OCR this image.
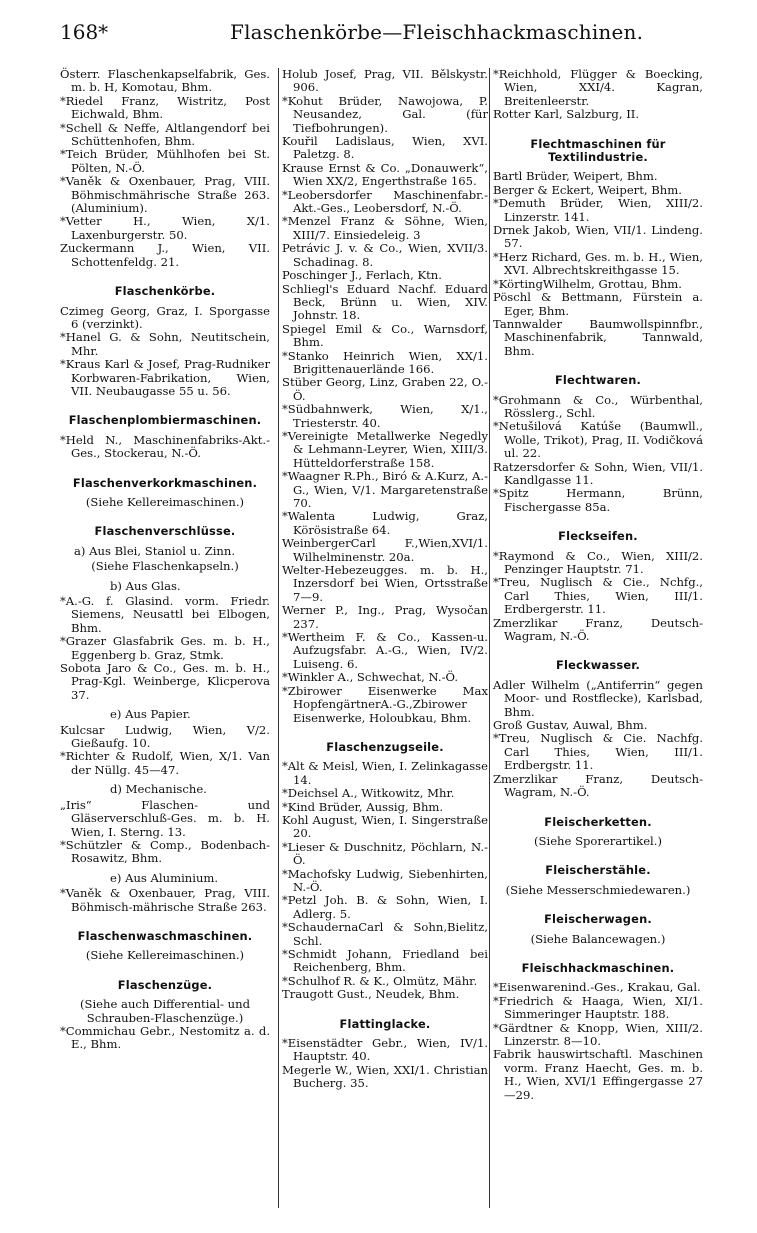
168*	Flaschenkörbe—Fleischhackmaschinen.

Österr. Flaschenkapselfabrik, Ges. m. b. H, Komotau, Bhm.

*Riedel Franz, Wistritz, Post Eichwald, Bhm.

*Schell & Neffe, Altlangendorf bei Schüttenhofen, Bhm.

*Teich Brüder, Mühlhofen bei St. Pölten, N.-Ö.

*Vaněk & Oxenbauer, Prag, VIII. Böhmischmährische Straße 263. (Aluminium).

*Vetter H., Wien, X/1. Laxenburgerstr. 50.

Zuckermann J., Wien, VII. Schottenfeldg. 21.

Flaschenkörbe.

Czimeg Georg, Graz, I. Sporgasse 6 (verzinkt).

*Hanel G. & Sohn, Neutitschein, Mhr.

*Kraus Karl & Josef, Prag-Rudniker Korbwaren-Fabrikation, Wien, VII. Neubaugasse 55 u. 56.

Flaschenplombiermaschinen.

*Held N., Maschinenfabriks-Akt.-Ges., Stockerau, N.-Ö.

Flaschenverkorkmaschinen.
(Siehe Kellereimaschinen.)
Flaschenverschlüsse.
a) Aus Blei, Staniol u. Zinn.
(Siehe Flaschenkapseln.)
b) Aus Glas.

*A.-G. f. Glasind. vorm. Friedr. Siemens, Neusattl bei Elbogen, Bhm.

*Grazer Glasfabrik Ges. m. b. H., Eggenberg b. Graz, Stmk.

Sobota Jaro & Co., Ges. m. b. H., Prag-Kgl. Weinberge, Klicperova 37.

e) Aus Papier.

Kulcsar Ludwig, Wien, V/2. Gießaufg. 10.

*Richter & Rudolf, Wien, X/1. Van der Nüllg. 45—47.

d) Mechanische.

„Iris“ Flaschen- und Gläserverschluß-Ges. m. b. H. Wien, I. Sterng. 13.

*Schützler & Comp., Bodenbach-Rosawitz, Bhm.

e) Aus Aluminium.

*Vaněk & Oxenbauer, Prag, VIII. Böhmisch-mährische Straße 263.

Flaschenwaschmaschinen.
(Siehe Kellereimaschinen.)
Flaschenzüge.
(Siehe auch Differential- und Schrauben-Flaschenzüge.)

*Commichau Gebr., Nestomitz a. d. E., Bhm.

Holub Josef, Prag, VII. Bělskystr. 906.

*Kohut Brüder, Nawojowa, P. Neusandez, Gal. (für Tiefbohrungen).

Kouřil Ladislaus, Wien, XVI. Paletzg. 8.

Krause Ernst & Co. „Donauwerk“, Wien XX/2, Engerthstraße 165.

*Leobersdorfer Maschinenfabr.-Akt.-Ges., Leobersdorf, N.-Ö.

*Menzel Franz & Söhne, Wien, XIII/7. Einsiedeleig. 3

Petrávic J. v. & Co., Wien, XVII/3. Schadinag. 8.

Poschinger J., Ferlach, Ktn.

Schliegl's Eduard Nachf. Eduard Beck, Brünn u. Wien, XIV. Johnstr. 18.

Spiegel Emil & Co., Warnsdorf, Bhm.

*Stanko Heinrich Wien, XX/1. Brigittenauerlände 166.

Stüber Georg, Linz, Graben 22, O.-Ö.

*Südbahnwerk, Wien, X/1., Triesterstr. 40.

*Vereinigte Metallwerke Negedly & Lehmann-Leyrer, Wien, XIII/3. Hütteldorferstraße 158.

*Waagner R.Ph., Biró & A.Kurz, A.-G., Wien, V/1. Margaretenstraße 70.

*Walenta Ludwig, Graz, Körösistraße 64.

WeinbergerCarl F.,Wien,XVI/1. Wilhelminenstr. 20a.

Welter-Hebezeugges. m. b. H., Inzersdorf bei Wien, Ortsstraße 7—9.

Werner P., Ing., Prag, Wysočan 237.

*Wertheim F. & Co., Kassen-u. Aufzugsfabr. A.-G., Wien, IV/2. Luiseng. 6.

*Winkler A., Schwechat, N.-Ö.

*Zbirower Eisenwerke Max HopfengärtnerA.-G.,Zbirower Eisenwerke, Holoubkau, Bhm.

Flaschenzugseile.

*Alt & Meisl, Wien, I. Zelinkagasse 14.

*Deichsel A., Witkowitz, Mhr.

*Kind Brüder, Aussig, Bhm.

Kohl August, Wien, I. Singerstraße 20.

*Lieser & Duschnitz, Pöchlarn, N.-Ö.

*Machofsky Ludwig, Siebenhirten, N.-Ö.

*Petzl Joh. B. & Sohn, Wien, I. Adlerg. 5.

*SchaudernaCarl & Sohn,Bielitz, Schl.

*Schmidt Johann, Friedland bei Reichenberg, Bhm.

*Schulhof R. & K., Olmütz, Mähr.

Traugott Gust., Neudek, Bhm.

Flattinglacke.

*Eisenstädter Gebr., Wien, IV/1. Hauptstr. 40.

Megerle W., Wien, XXI/1. Christian Bucherg. 35.

*Reichhold, Flügger & Boecking, Wien, XXI/4. Kagran, Breitenleerstr.

Rotter Karl, Salzburg, II.

Flechtmaschinen für Textilindustrie.

Bartl Brüder, Weipert, Bhm.

Berger & Eckert, Weipert, Bhm.

*Demuth Brüder, Wien, XIII/2. Linzerstr. 141.

Drnek Jakob, Wien, VII/1. Lindeng. 57.

*Herz Richard, Ges. m. b. H., Wien, XVI. Albrechtskreithgasse 15.

*KörtingWilhelm, Grottau, Bhm.

Pöschl & Bettmann, Fürstein a. Eger, Bhm.

Tannwalder Baumwollspinnfbr., Maschinenfabrik, Tannwald, Bhm.

Flechtwaren.

*Grohmann & Co., Würbenthal, Rösslerg., Schl.

*Netušilová Katúše (Baumwll., Wolle, Trikot), Prag, II. Vodičková ul. 22.

Ratzersdorfer & Sohn, Wien, VII/1. Kandlgasse 11.

*Spitz Hermann, Brünn, Fischergasse 85a.

Fleckseifen.

*Raymond & Co., Wien, XIII/2. Penzinger Hauptstr. 71.

*Treu, Nuglisch & Cie., Nchfg., Carl Thies, Wien, III/1. Erdbergerstr. 11.

Zmerzlikar Franz, Deutsch-Wagram, N.-Ö.

Fleckwasser.

Adler Wilhelm („Antiferrin“ gegen Moor- und Rostflecke), Karlsbad, Bhm.

Groß Gustav, Auwal, Bhm.

*Treu, Nuglisch & Cie. Nachfg. Carl Thies, Wien, III/1. Erdbergstr. 11.

Zmerzlikar Franz, Deutsch-Wagram, N.-Ö.

Fleischerketten.
(Siehe Sporerartikel.)
Fleischerstähle.
(Siehe Messerschmiedewaren.)
Fleischerwagen.
(Siehe Balancewagen.)
Fleischhackmaschinen.

*Eisenwarenind.-Ges., Krakau, Gal.

*Friedrich & Haaga, Wien, XI/1. Simmeringer Hauptstr. 188.

*Gärdtner & Knopp, Wien, XIII/2. Linzerstr. 8—10.

Fabrik hauswirtschaftl. Maschinen vorm. Franz Haecht, Ges. m. b. H., Wien, XVI/1 Effingergasse 27—29.
